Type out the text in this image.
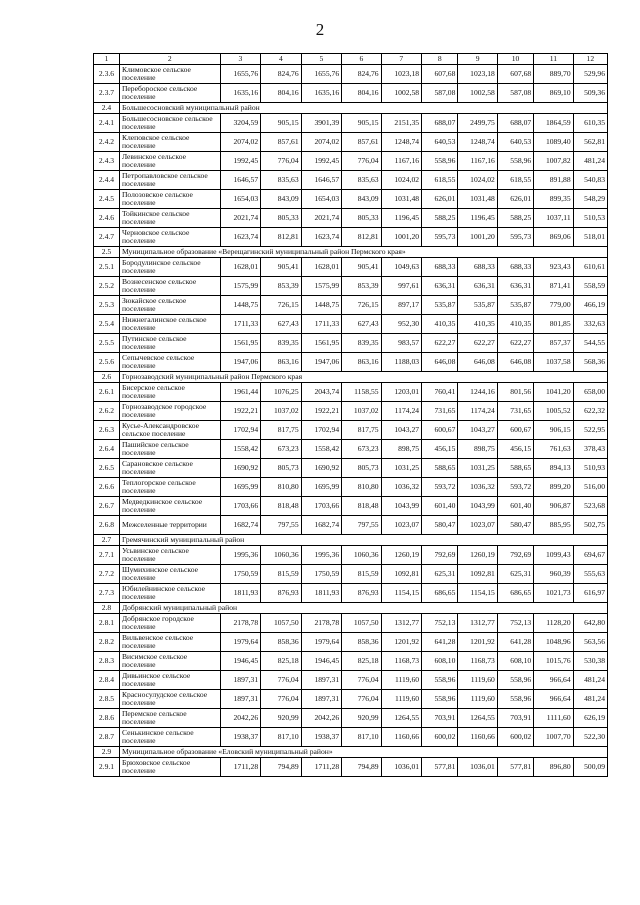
2
1	2	3	4	5	6	7	8	9	10	11	12
2.3.6	Климовское сельское поселение	1655,76	824,76	1655,76	824,76	1023,18	607,68	1023,18	607,68	889,70	529,96
2.3.7	Перебороское сельское поселение	1635,16	804,16	1635,16	804,16	1002,58	587,08	1002,58	587,08	869,10	509,36
2.4	Большесосновский муниципальный район										
2.4.1	Большесосновское сельское поселение	3204,59	905,15	3901,39	905,15	2151,35	688,07	2499,75	688,07	1864,59	610,35
2.4.2	Клеповское сельское поселение	2074,02	857,61	2074,02	857,61	1248,74	640,53	1248,74	640,53	1089,40	562,81
2.4.3	Левинское сельское поселение	1992,45	776,04	1992,45	776,04	1167,16	558,96	1167,16	558,96	1007,82	481,24
2.4.4	Петропавловское сельское поселение	1646,57	835,63	1646,57	835,63	1024,02	618,55	1024,02	618,55	891,88	540,83
2.4.5	Полозовское сельское поселение	1654,03	843,09	1654,03	843,09	1031,48	626,01	1031,48	626,01	899,35	548,29
2.4.6	Тойкинское сельское поселение	2021,74	805,33	2021,74	805,33	1196,45	588,25	1196,45	588,25	1037,11	510,53
2.4.7	Черновское сельское поселение	1623,74	812,81	1623,74	812,81	1001,20	595,73	1001,20	595,73	869,06	518,01
2.5	Муниципальное образование «Верещагинский муниципальный район Пермского края»										
2.5.1	Бородулинское сельское поселение	1628,01	905,41	1628,01	905,41	1049,63	688,33	688,33	688,33	923,43	610,61
2.5.2	Вознесенское сельское поселение	1575,99	853,39	1575,99	853,39	997,61	636,31	636,31	636,31	871,41	558,59
2.5.3	Зюкайское сельское поселение	1448,75	726,15	1448,75	726,15	897,17	535,87	535,87	535,87	779,00	466,19
2.5.4	Нижнегалинское сельское поселение	1711,33	627,43	1711,33	627,43	952,30	410,35	410,35	410,35	801,85	332,63
2.5.5	Путинское сельское поселение	1561,95	839,35	1561,95	839,35	983,57	622,27	622,27	622,27	857,37	544,55
2.5.6	Сепычевское сельское поселение	1947,06	863,16	1947,06	863,16	1188,03	646,08	646,08	646,08	1037,58	568,36
2.6	Горнозаводский муниципальный район Пермского края										
2.6.1	Бисерское сельское поселение	1961,44	1076,25	2043,74	1158,55	1203,01	760,41	1244,16	801,56	1041,20	658,00
2.6.2	Горнозаводское городское поселение	1922,21	1037,02	1922,21	1037,02	1174,24	731,65	1174,24	731,65	1005,52	622,32
2.6.3	Кусье-Александровское сельское поселение	1702,94	817,75	1702,94	817,75	1043,27	600,67	1043,27	600,67	906,15	522,95
2.6.4	Пашийское сельское поселение	1558,42	673,23	1558,42	673,23	898,75	456,15	898,75	456,15	761,63	378,43
2.6.5	Сарановское сельское поселение	1690,92	805,73	1690,92	805,73	1031,25	588,65	1031,25	588,65	894,13	510,93
2.6.6	Теплогорское сельское поселение	1695,99	810,80	1695,99	810,80	1036,32	593,72	1036,32	593,72	899,20	516,00
2.6.7	Медведкинское сельское поселение	1703,66	818,48	1703,66	818,48	1043,99	601,40	1043,99	601,40	906,87	523,68
2.6.8	Межселенные территории	1682,74	797,55	1682,74	797,55	1023,07	580,47	1023,07	580,47	885,95	502,75
2.7	Гремячинский муниципальный район										
2.7.1	Усьвинское сельское поселение	1995,36	1060,36	1995,36	1060,36	1260,19	792,69	1260,19	792,69	1099,43	694,67
2.7.2	Шумихинское сельское поселение	1750,59	815,59	1750,59	815,59	1092,81	625,31	1092,81	625,31	960,39	555,63
2.7.3	Юбилейнинское сельское поселение	1811,93	876,93	1811,93	876,93	1154,15	686,65	1154,15	686,65	1021,73	616,97
2.8	Добрянский муниципальный район										
2.8.1	Добрянское городское поселение	2178,78	1057,50	2178,78	1057,50	1312,77	752,13	1312,77	752,13	1128,20	642,80
2.8.2	Вильвенское сельское поселение	1979,64	858,36	1979,64	858,36	1201,92	641,28	1201,92	641,28	1048,96	563,56
2.8.3	Висимское сельское поселение	1946,45	825,18	1946,45	825,18	1168,73	608,10	1168,73	608,10	1015,76	530,38
2.8.4	Дивьинское сельское поселение	1897,31	776,04	1897,31	776,04	1119,60	558,96	1119,60	558,96	966,64	481,24
2.8.5	Красносулудское сельское поселение	1897,31	776,04	1897,31	776,04	1119,60	558,96	1119,60	558,96	966,64	481,24
2.8.6	Перемское сельское поселение	2042,26	920,99	2042,26	920,99	1264,55	703,91	1264,55	703,91	1111,60	626,19
2.8.7	Сенькинское сельское поселение	1938,37	817,10	1938,37	817,10	1160,66	600,02	1160,66	600,02	1007,70	522,30
2.9	Муниципальное образование «Еловский муниципальный район»										
2.9.1	Брюховское сельское поселение	1711,28	794,89	1711,28	794,89	1036,01	577,81	1036,01	577,81	896,80	500,09
